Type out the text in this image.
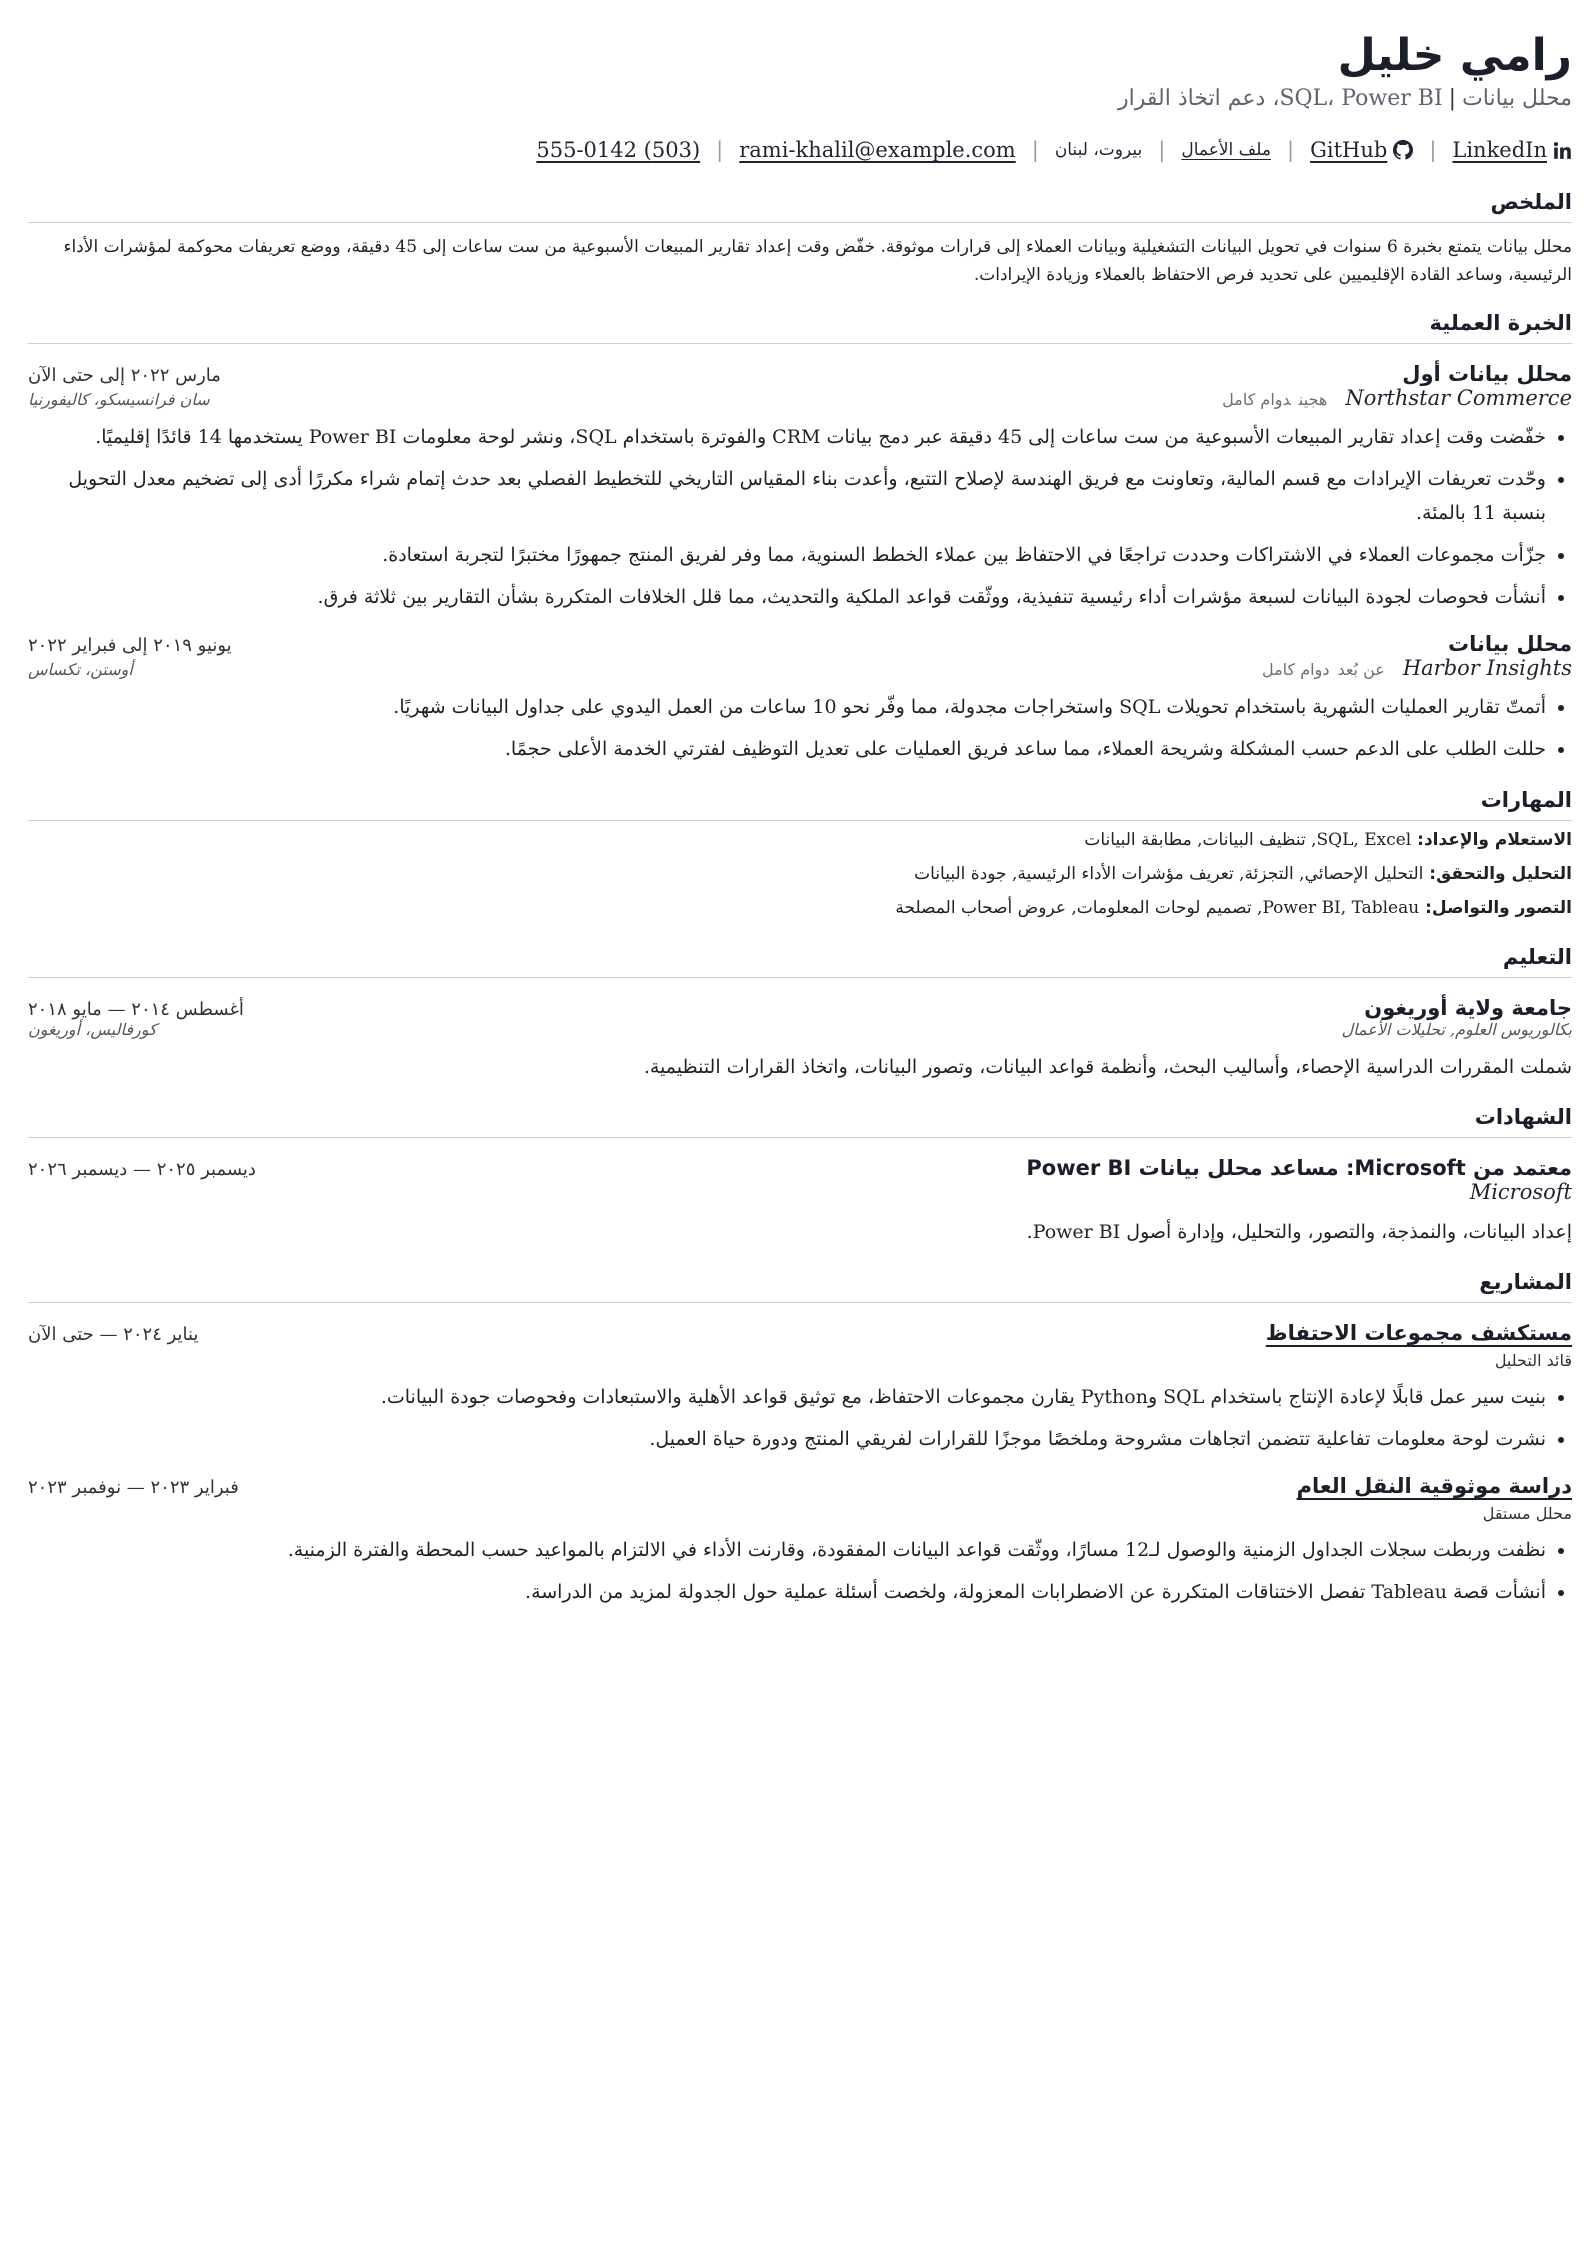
رامي خليل
محلل بيانات|SQL، Power BI، دعم اتخاذ القرار
(503) 555-0142 | rami-khalil@example.com | بيروت، لبنان | ملف الأعمال | GitHub	| LinkedIn
الملخص
محلل بيانات يتمتع بخبرة 6 سنوات في تحويل البيانات التشغيلية وبيانات العملاء إلى قرارات موثوقة. خفّض وقت إعداد تقارير المبيعات الأسبوعية من ست ساعات إلى 45 دقيقة، ووضع تعريفات محوكمة لمؤشرات الأداء الرئيسية، وساعد القادة الإقليميين على تحديد فرص الاحتفاظ بالعملاء وزيادة الإيرادات.
الخبرة العملية
محلل بيانات أول
مارس ٢٠٢٢ إلى حتى الآن
Northstar Commerceهجيندوام كامل
سان فرانسيسكو، كاليفورنيا
• خفّضت وقت إعداد تقارير المبيعات الأسبوعية من ست ساعات إلى 45 دقيقة عبر دمج بيانات CRM والفوترة باستخدام SQL، ونشر لوحة معلومات Power BI يستخدمها 14 قائدًا إقليميًا.
• وحّدت تعريفات الإيرادات مع قسم المالية، وتعاونت مع فريق الهندسة لإصلاح التتبع، وأعدت بناء المقياس التاريخي للتخطيط الفصلي بعد حدث إتمام شراء مكررًا أدى إلى تضخيم معدل التحويل بنسبة 11 بالمئة.
• جزّأت مجموعات العملاء في الاشتراكات وحددت تراجعًا في الاحتفاظ بين عملاء الخطط السنوية، مما وفر لفريق المنتج جمهورًا مختبرًا لتجربة استعادة.
• أنشأت فحوصات لجودة البيانات لسبعة مؤشرات أداء رئيسية تنفيذية، ووثّقت قواعد الملكية والتحديث، مما قلل الخلافات المتكررة بشأن التقارير بين ثلاثة فرق.
محلل بيانات
يونيو ٢٠١٩ إلى فبراير ٢٠٢٢
Harbor Insightsعن بُعددوام كامل
أوستن، تكساس
• أتمتّ تقارير العمليات الشهرية باستخدام تحويلات SQL واستخراجات مجدولة، مما وفّر نحو 10 ساعات من العمل اليدوي على جداول البيانات شهريًا.
• حللت الطلب على الدعم حسب المشكلة وشريحة العملاء، مما ساعد فريق العمليات على تعديل التوظيف لفترتي الخدمة الأعلى حجمًا.
المهارات
الاستعلام والإعداد: SQL, Excel, تنظيف البيانات, مطابقة البيانات
التحليل والتحقق: التحليل الإحصائي, التجزئة, تعريف مؤشرات الأداء الرئيسية, جودة البيانات
التصور والتواصل: Power BI, Tableau, تصميم لوحات المعلومات, عروض أصحاب المصلحة
التعليم
جامعة ولاية أوريغون
أغسطس ٢٠١٤ — مايو ٢٠١٨
بكالوريوس العلوم, تحليلات الأعمال
كورفاليس، أوريغون
شملت المقررات الدراسية الإحصاء، وأساليب البحث، وأنظمة قواعد البيانات، وتصور البيانات، واتخاذ القرارات التنظيمية.
الشهادات
معتمد من Microsoft: مساعد محلل بيانات Power BI
ديسمبر ٢٠٢٥ — ديسمبر ٢٠٢٦
Microsoft
إعداد البيانات، والنمذجة، والتصور، والتحليل، وإدارة أصول Power BI.
المشاريع
مستكشف مجموعات الاحتفاظ
يناير ٢٠٢٤ — حتى الآن
قائد التحليل
• بنيت سير عمل قابلًا لإعادة الإنتاج باستخدام SQL وPython يقارن مجموعات الاحتفاظ، مع توثيق قواعد الأهلية والاستبعادات وفحوصات جودة البيانات.
• نشرت لوحة معلومات تفاعلية تتضمن اتجاهات مشروحة وملخصًا موجزًا للقرارات لفريقي المنتج ودورة حياة العميل.
دراسة موثوقية النقل العام
فبراير ٢٠٢٣ — نوفمبر ٢٠٢٣
محلل مستقل
• نظفت وربطت سجلات الجداول الزمنية والوصول لـ12 مسارًا، ووثّقت قواعد البيانات المفقودة، وقارنت الأداء في الالتزام بالمواعيد حسب المحطة والفترة الزمنية.
• أنشأت قصة Tableau تفصل الاختناقات المتكررة عن الاضطرابات المعزولة، ولخصت أسئلة عملية حول الجدولة لمزيد من الدراسة.
